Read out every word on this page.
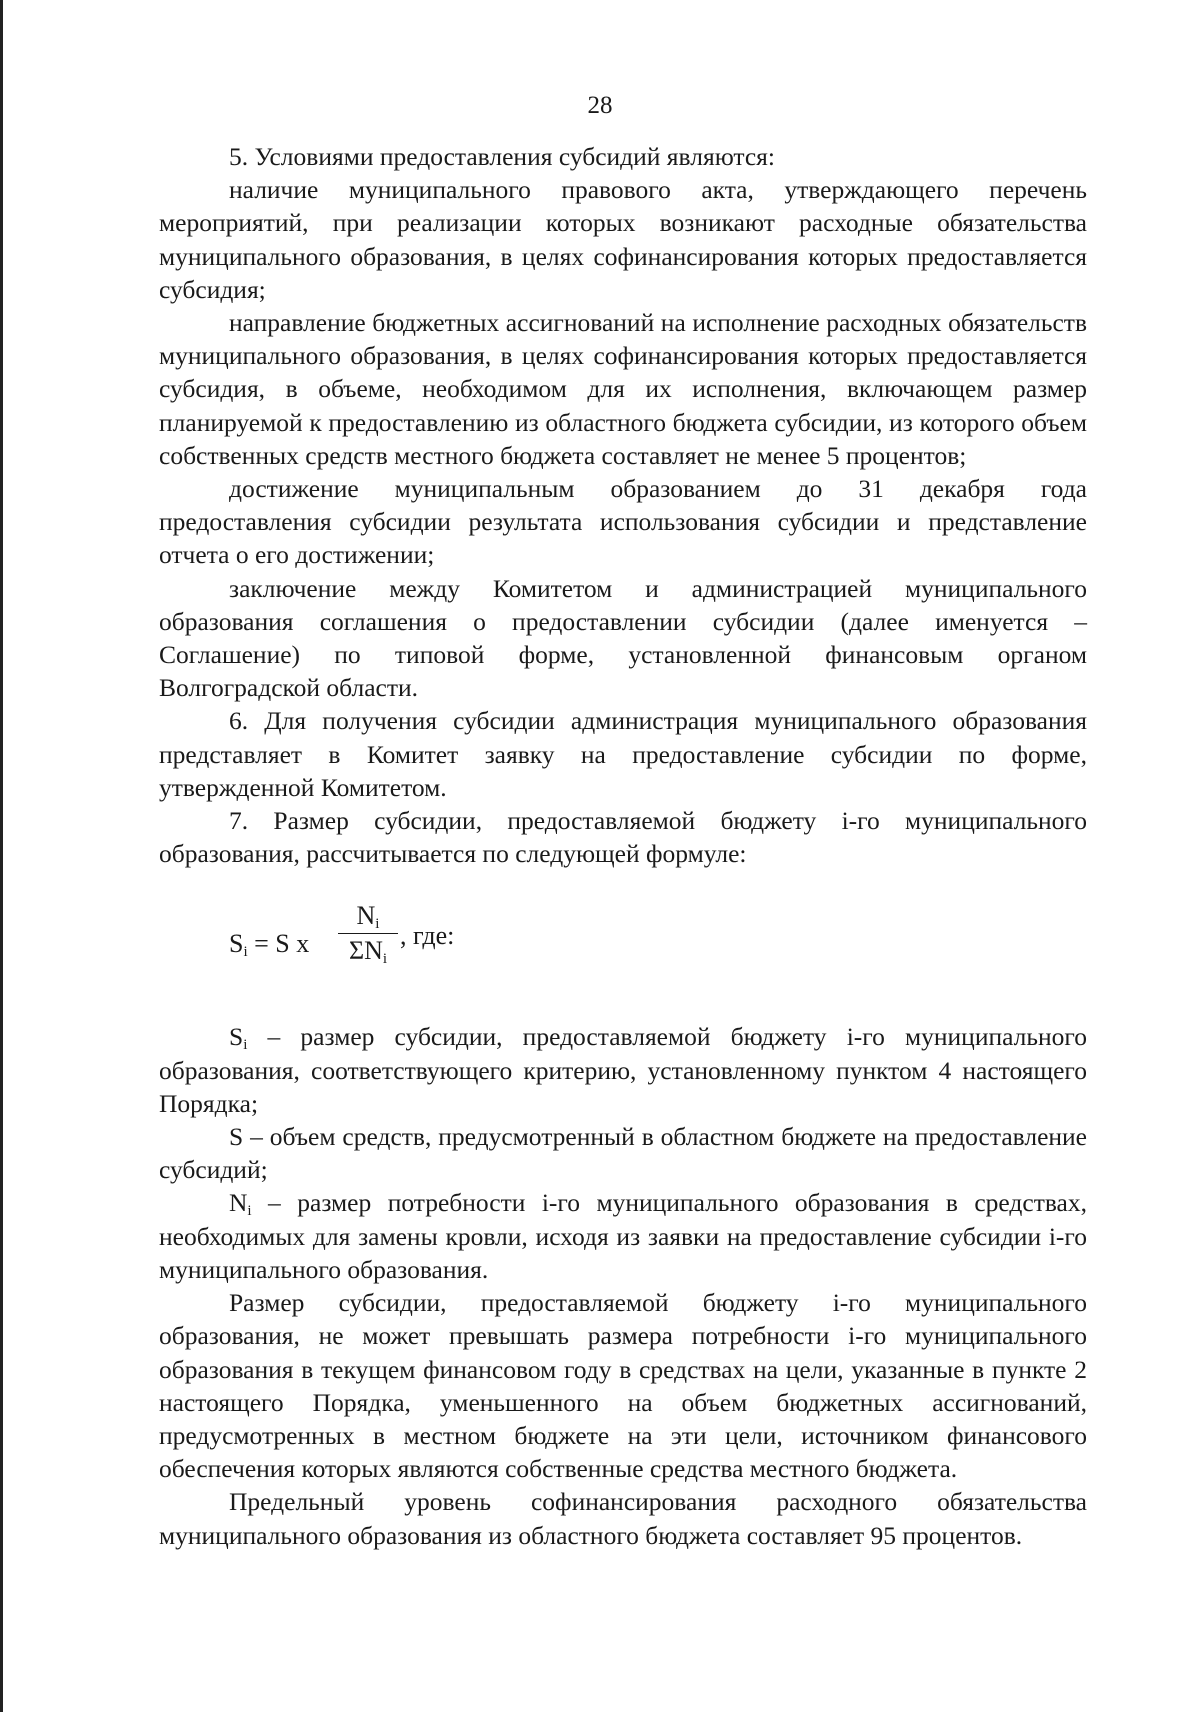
28

5. Условиями предоставления субсидий являются:

наличие муниципального правового акта, утверждающего перечень мероприятий, при реализации которых возникают расходные обязательства муниципального образования, в целях софинансирования которых предоставляется субсидия;

направление бюджетных ассигнований на исполнение расходных обязательств муниципального образования, в целях софинансирования которых предоставляется субсидия, в объеме, необходимом для их исполнения, включающем размер планируемой к предоставлению из областного бюджета субсидии, из которого объем собственных средств местного бюджета составляет не менее 5 процентов;

достижение муниципальным образованием до 31 декабря года предоставления субсидии результата использования субсидии и представление отчета о его достижении;

заключение между Комитетом и администрацией муниципального образования соглашения о предоставлении субсидии (далее именуется – Соглашение) по типовой форме, установленной финансовым органом Волгоградской области.

6. Для получения субсидии администрация муниципального образования представляет в Комитет заявку на предоставление субсидии по форме, утвержденной Комитетом.

7. Размер субсидии, предоставляемой бюджету i-го муниципального образования, рассчитывается по следующей формуле:

$S_i = S$ x
$N_i$
$\Sigma N_i$
, где:

$S_i$ – размер субсидии, предоставляемой бюджету i-го муниципального образования, соответствующего критерию, установленному пунктом 4 настоящего Порядка;

S – объем средств, предусмотренный в областном бюджете на предоставление субсидий;

$N_i$ – размер потребности i-го муниципального образования в средствах, необходимых для замены кровли, исходя из заявки на предоставление субсидии i-го муниципального образования.

Размер субсидии, предоставляемой бюджету i-го муниципального образования, не может превышать размера потребности i-го муниципального образования в текущем финансовом году в средствах на цели, указанные в пункте 2 настоящего Порядка, уменьшенного на объем бюджетных ассигнований, предусмотренных в местном бюджете на эти цели, источником финансового обеспечения которых являются собственные средства местного бюджета.

Предельный уровень софинансирования расходного обязательства муниципального образования из областного бюджета составляет 95 процентов.
